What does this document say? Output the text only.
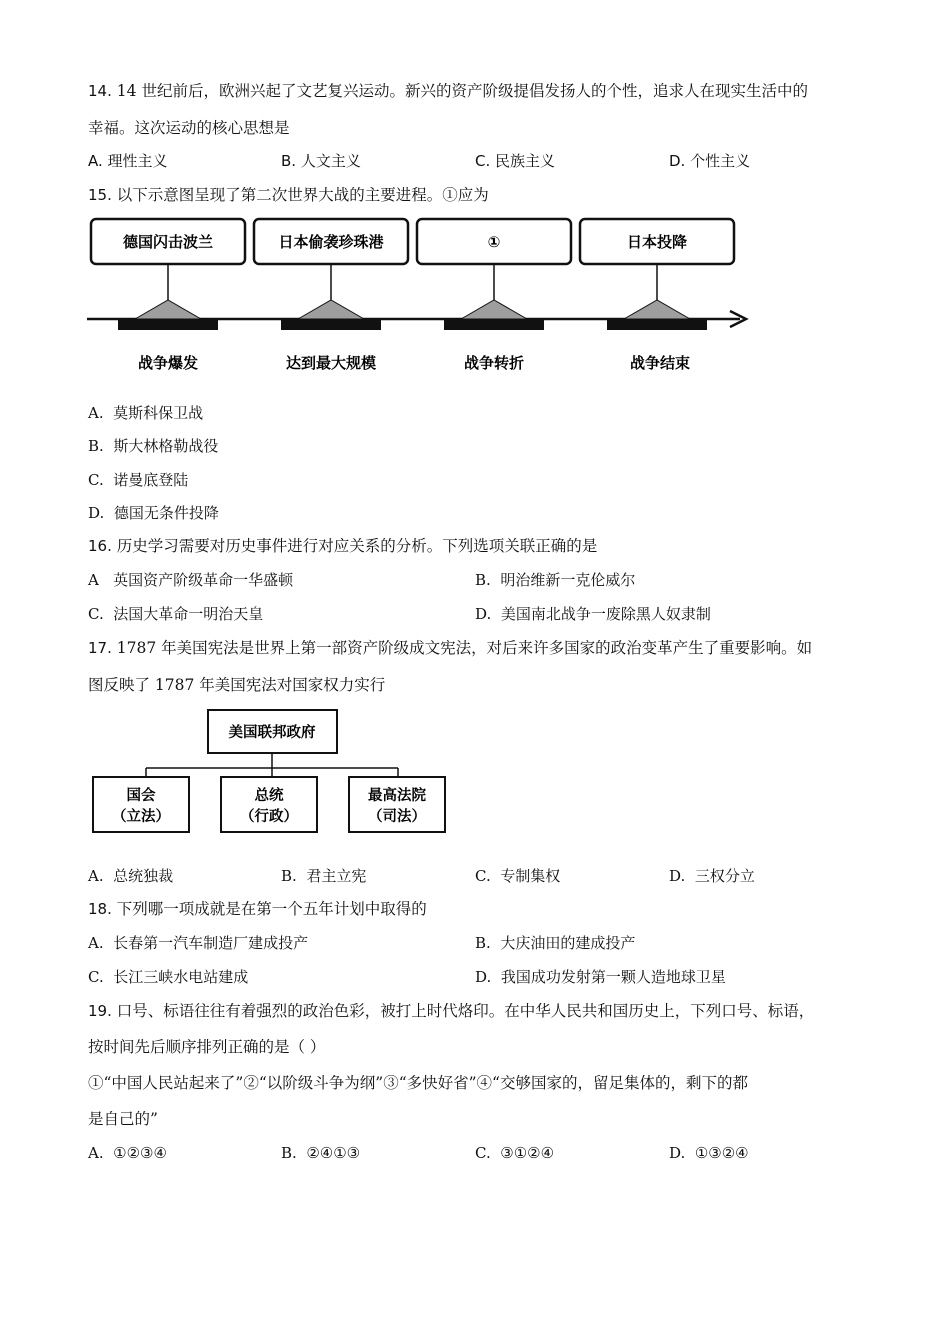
14. 14 世纪前后，欧洲兴起了文艺复兴运动。新兴的资产阶级提倡发扬人的个性，追求人在现实生活中的
幸福。这次运动的核心思想是
A. 理性主义	B. 人文主义	C. 民族主义	D. 个性主义
15. 以下示意图呈现了第二次世界大战的主要进程。①应为
德国闪击波兰	日本偷袭珍珠港	①	日本投降
战争爆发	达到最大规模	战争转折	战争结束
A. 莫斯科保卫战
B. 斯大林格勒战役
C. 诺曼底登陆
D. 德国无条件投降
16. 历史学习需要对历史事件进行对应关系的分析。下列选项关联正确的是
A 英国资产阶级革命一华盛顿	B. 明治维新一克伦威尔
C. 法国大革命一明治天皇	D. 美国南北战争一废除黑人奴隶制
17. 1787 年美国宪法是世界上第一部资产阶级成文宪法，对后来许多国家的政治变革产生了重要影响。如
图反映了 1787 年美国宪法对国家权力实行
美国联邦政府
国会
（立法）
总统
（行政）
最高法院
（司法）
A. 总统独裁	B. 君主立宪	C. 专制集权	D. 三权分立
18. 下列哪一项成就是在第一个五年计划中取得的
A. 长春第一汽车制造厂建成投产	B. 大庆油田的建成投产
C. 长江三峡水电站建成	D. 我国成功发射第一颗人造地球卫星
19. 口号、标语往往有着强烈的政治色彩，被打上时代烙印。在中华人民共和国历史上，下列口号、标语，
按时间先后顺序排列正确的是（ ）
①“中国人民站起来了”②“以阶级斗争为纲”③“多快好省”④“交够国家的，留足集体的，剩下的都
是自己的”
A. ①②③④	B. ②④①③	C. ③①②④	D. ①③②④
